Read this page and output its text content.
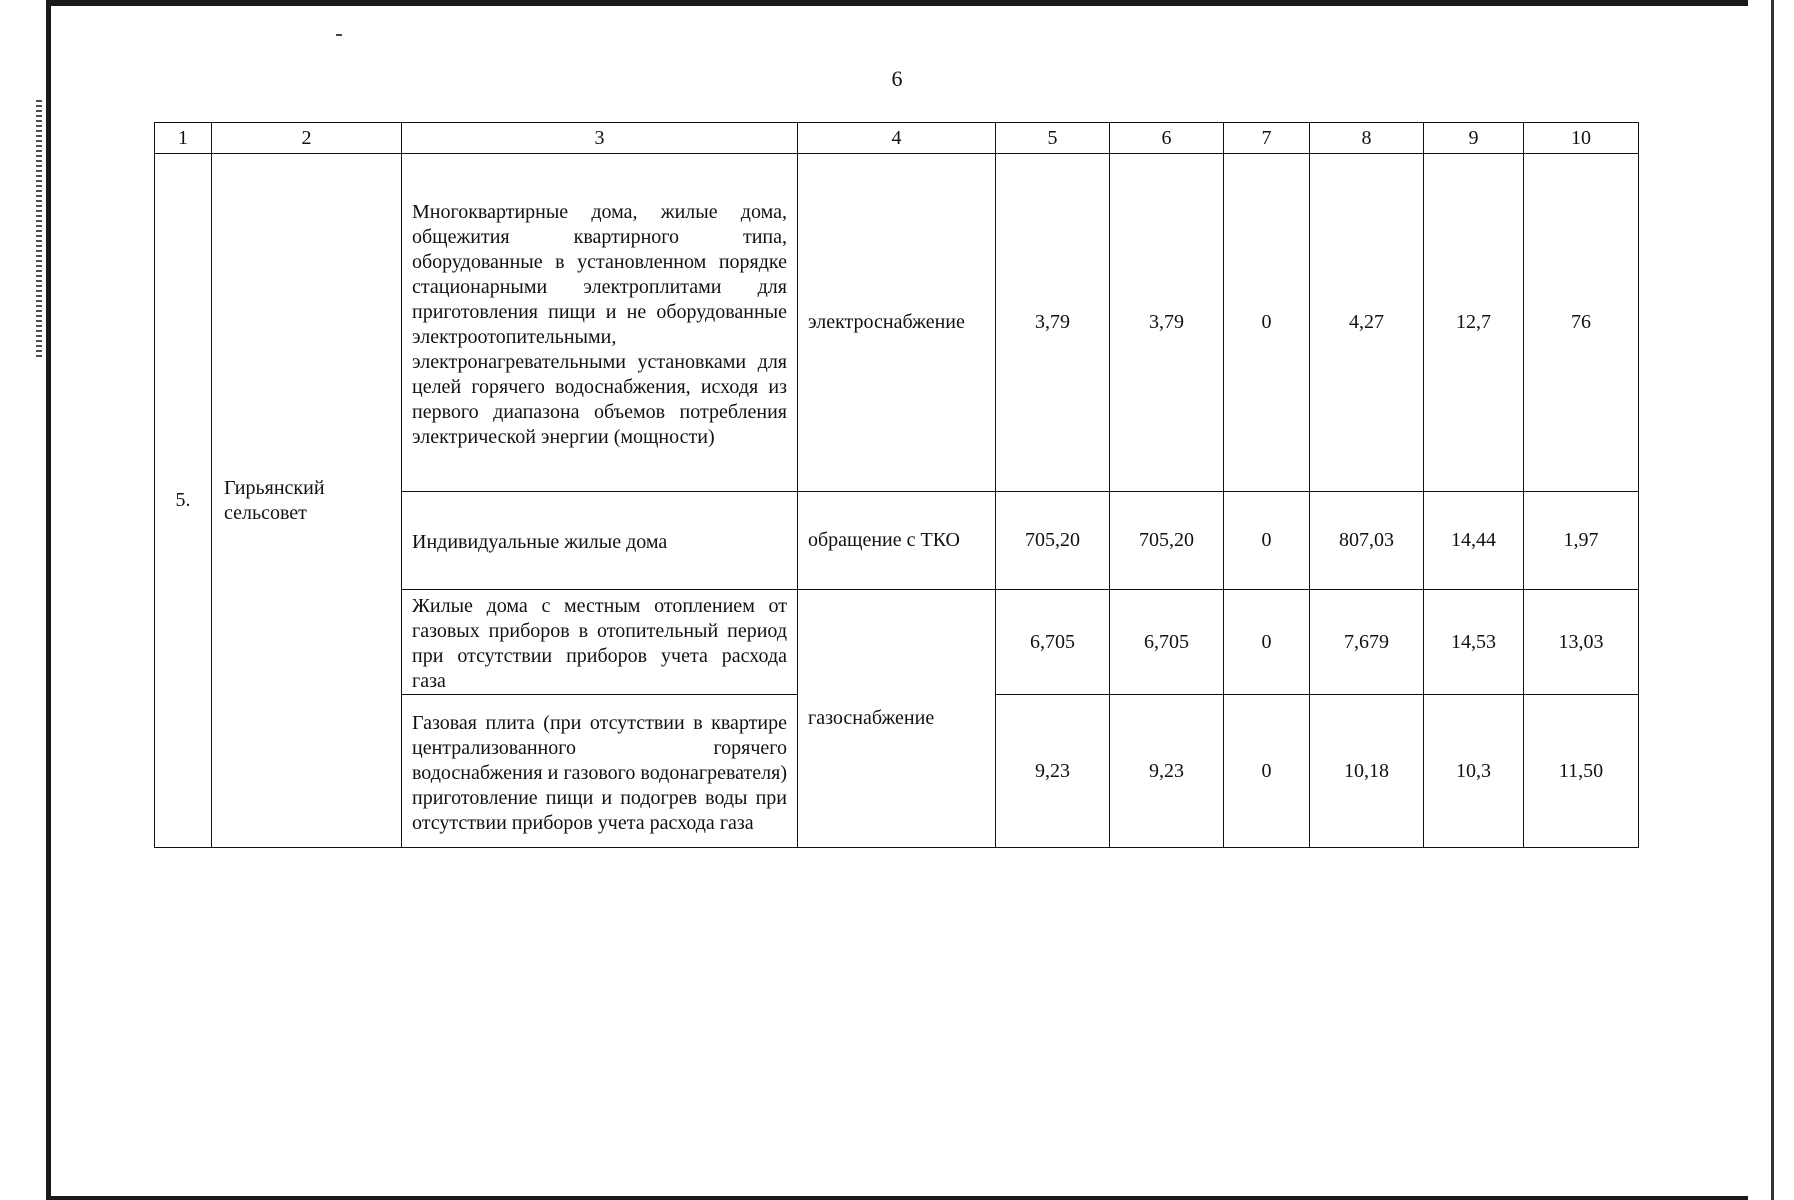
6
1	2	3	4	5	6	7	8	9	10
5.	Гирьянский сельсовет	Многоквартирные дома, жилые дома, общежития квартирного типа, оборудованные в установленном порядке стационарными электроплитами для приготовления пищи и не оборудованные электроотопительными, электронагревательными установками для целей горячего водоснабжения, исходя из первого диапазона объемов потребления электрической энергии (мощности)	электроснабжение	3,79	3,79	0	4,27	12,7	76
		Индивидуальные жилые дома	обращение с ТКО	705,20	705,20	0	807,03	14,44	1,97
		Жилые дома с местным отоплением от газовых приборов в отопительный период при отсутствии приборов учета расхода газа	газоснабжение	6,705	6,705	0	7,679	14,53	13,03
		Газовая плита (при отсутствии в квартире централизованного горячего водоснабжения и газового водонагревателя) приготовление пищи и подогрев воды при отсутствии приборов учета расхода газа		9,23	9,23	0	10,18	10,3	11,50
